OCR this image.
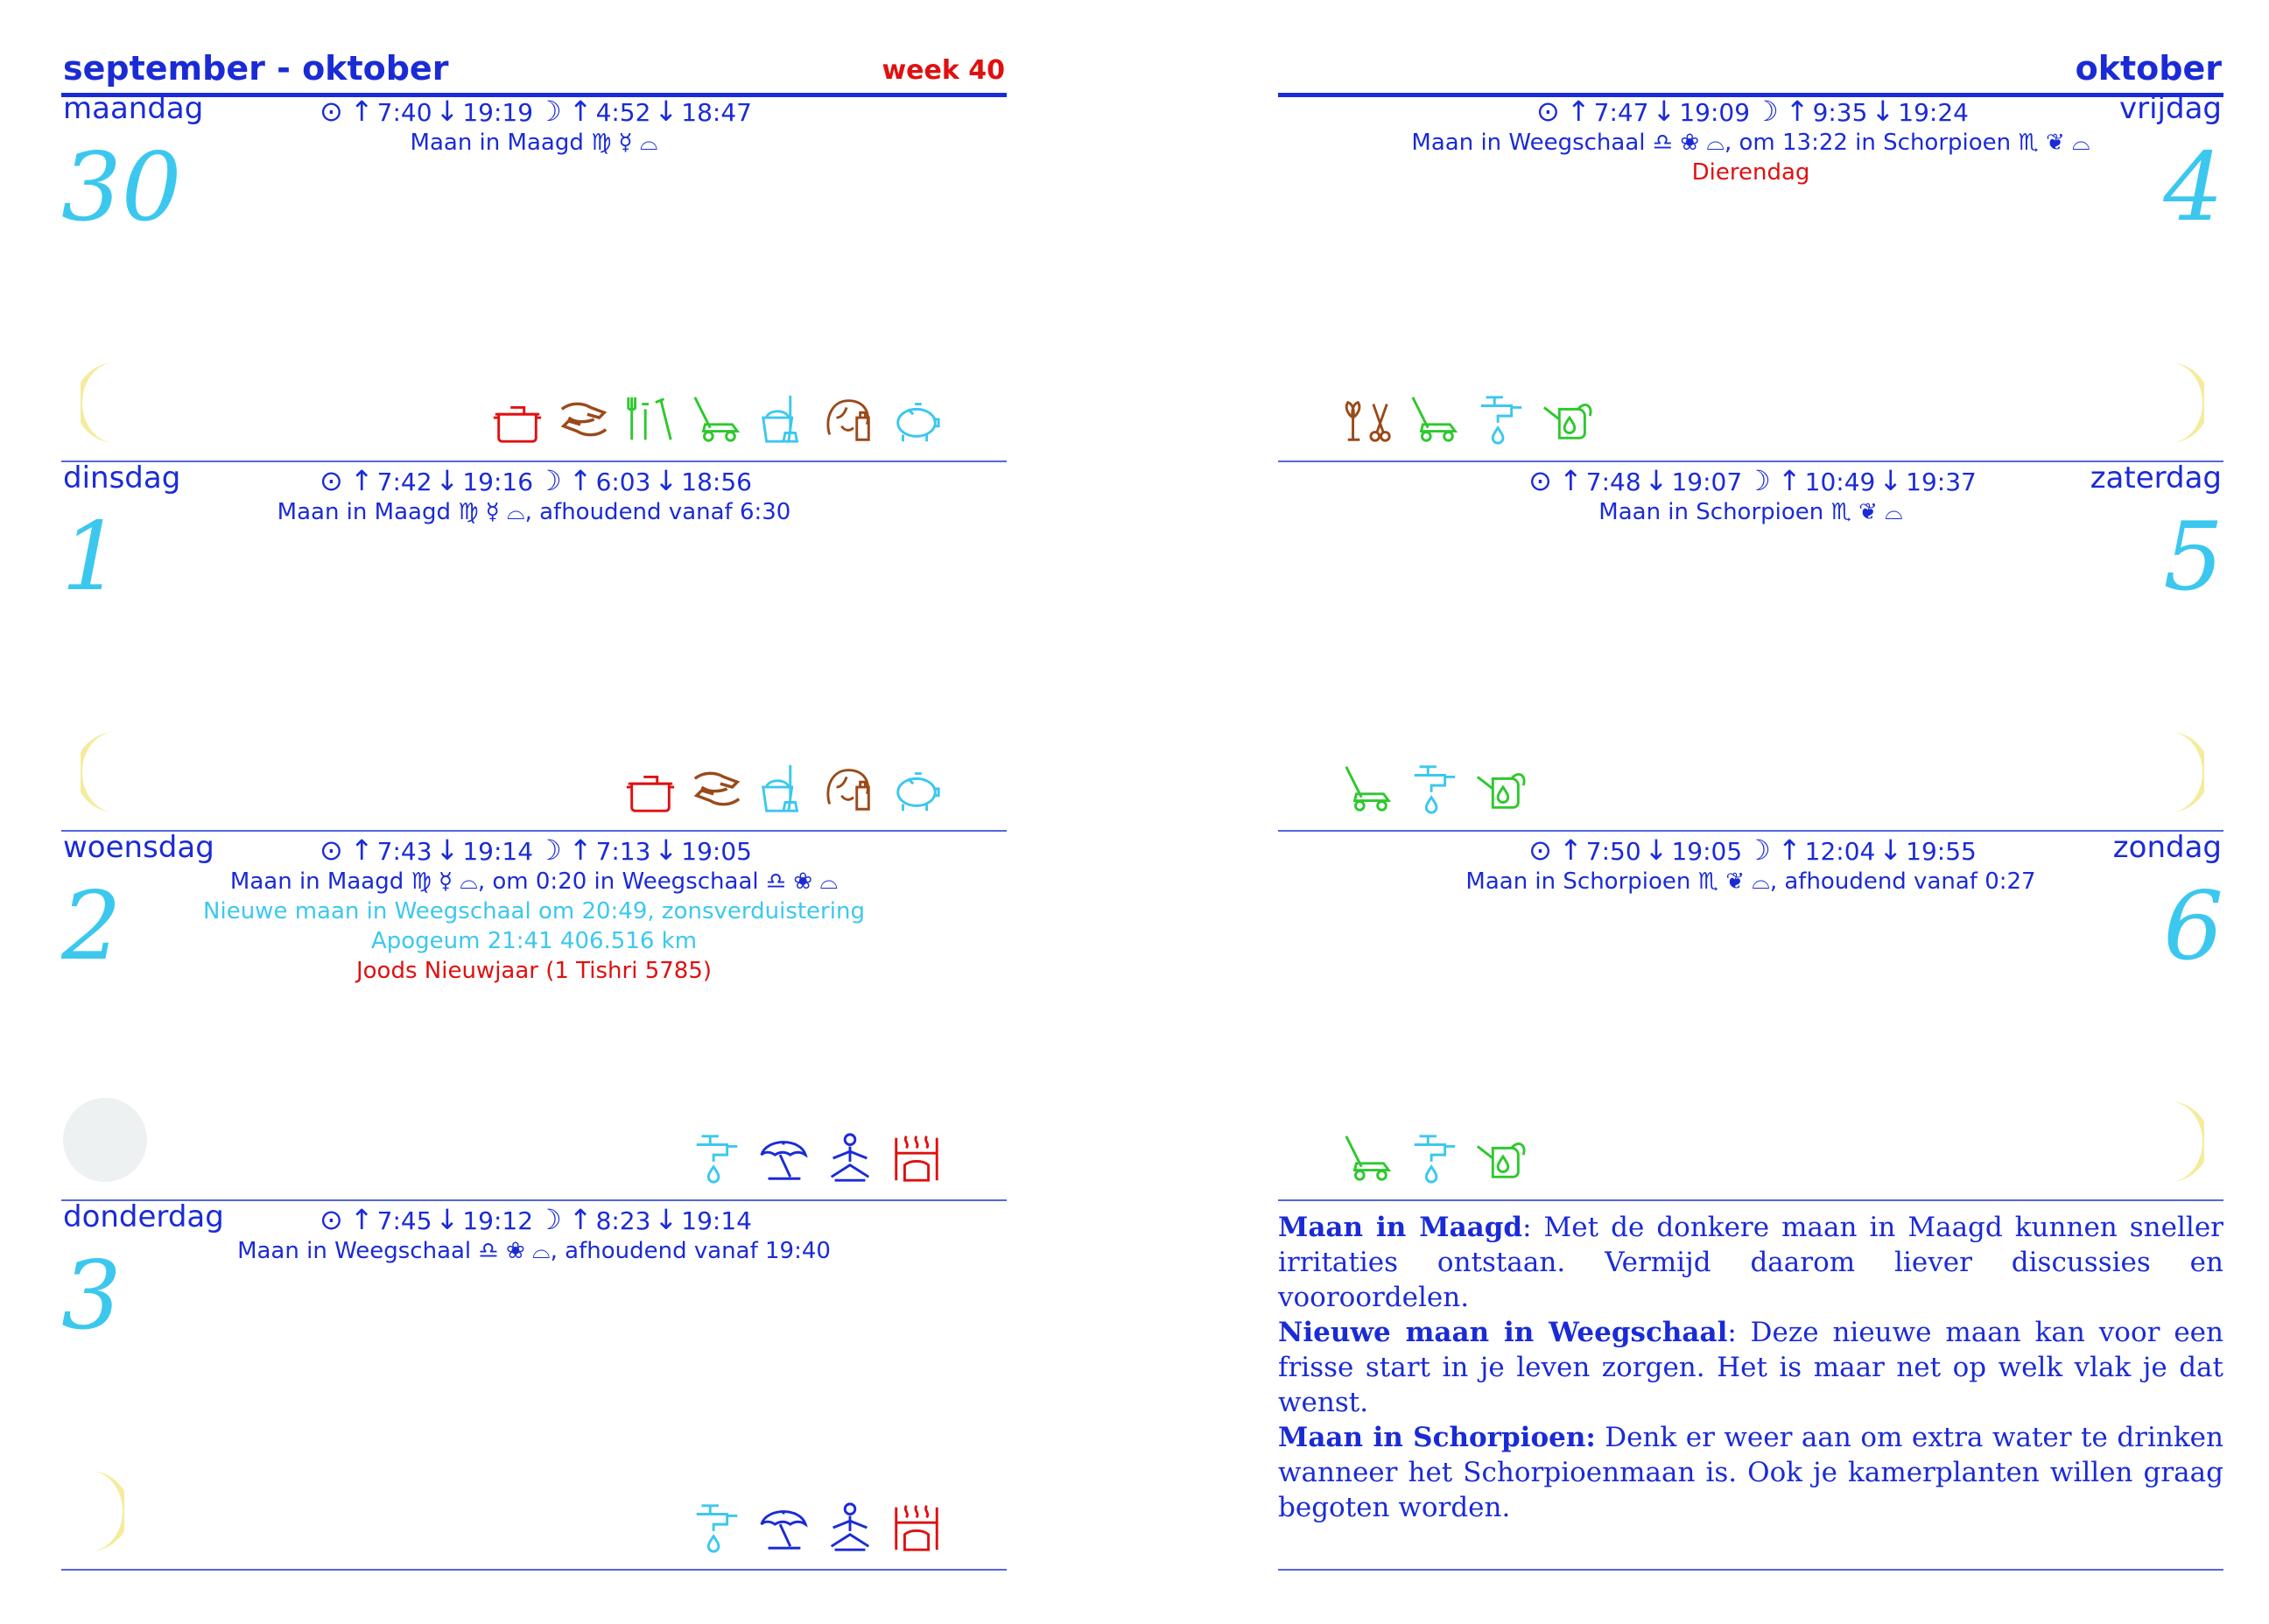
september - oktober	week 40	oktober
maandag
30
⊙ ↑ 7:40 ↓ 19:19 ☽ ↑ 4:52 ↓ 18:47
Maan in Maagd ♍ ☿ ⌓
dinsdag
1
⊙ ↑ 7:42 ↓ 19:16 ☽ ↑ 6:03 ↓ 18:56
Maan in Maagd ♍ ☿ ⌓, afhoudend vanaf 6:30
woensdag
2
⊙ ↑ 7:43 ↓ 19:14 ☽ ↑ 7:13 ↓ 19:05
Maan in Maagd ♍ ☿ ⌓, om 0:20 in Weegschaal ♎ ❀ ⌓
Nieuwe maan in Weegschaal om 20:49, zonsverduistering
Apogeum 21:41 406.516 km
Joods Nieuwjaar (1 Tishri 5785)
donderdag
3
⊙ ↑ 7:45 ↓ 19:12 ☽ ↑ 8:23 ↓ 19:14
Maan in Weegschaal ♎ ❀ ⌓, afhoudend vanaf 19:40
vrijdag
4
⊙ ↑ 7:47 ↓ 19:09 ☽ ↑ 9:35 ↓ 19:24
Maan in Weegschaal ♎ ❀ ⌓, om 13:22 in Schorpioen ♏ ❦ ⌓
Dierendag
zaterdag
5
⊙ ↑ 7:48 ↓ 19:07 ☽ ↑ 10:49 ↓ 19:37
Maan in Schorpioen ♏ ❦ ⌓
zondag
6
⊙ ↑ 7:50 ↓ 19:05 ☽ ↑ 12:04 ↓ 19:55
Maan in Schorpioen ♏ ❦ ⌓, afhoudend vanaf 0:27

Maan in Maagd: Met de donkere maan in Maagd kunnen sneller irritaties ontstaan. Vermijd daarom liever discussies en vooroordelen.

Nieuwe maan in Weegschaal: Deze nieuwe maan kan voor een frisse start in je leven zorgen. Het is maar net op welk vlak je dat wenst.

Maan in Schorpioen: Denk er weer aan om extra water te drinken wanneer het Schorpioenmaan is. Ook je kamerplanten willen graag begoten worden.
